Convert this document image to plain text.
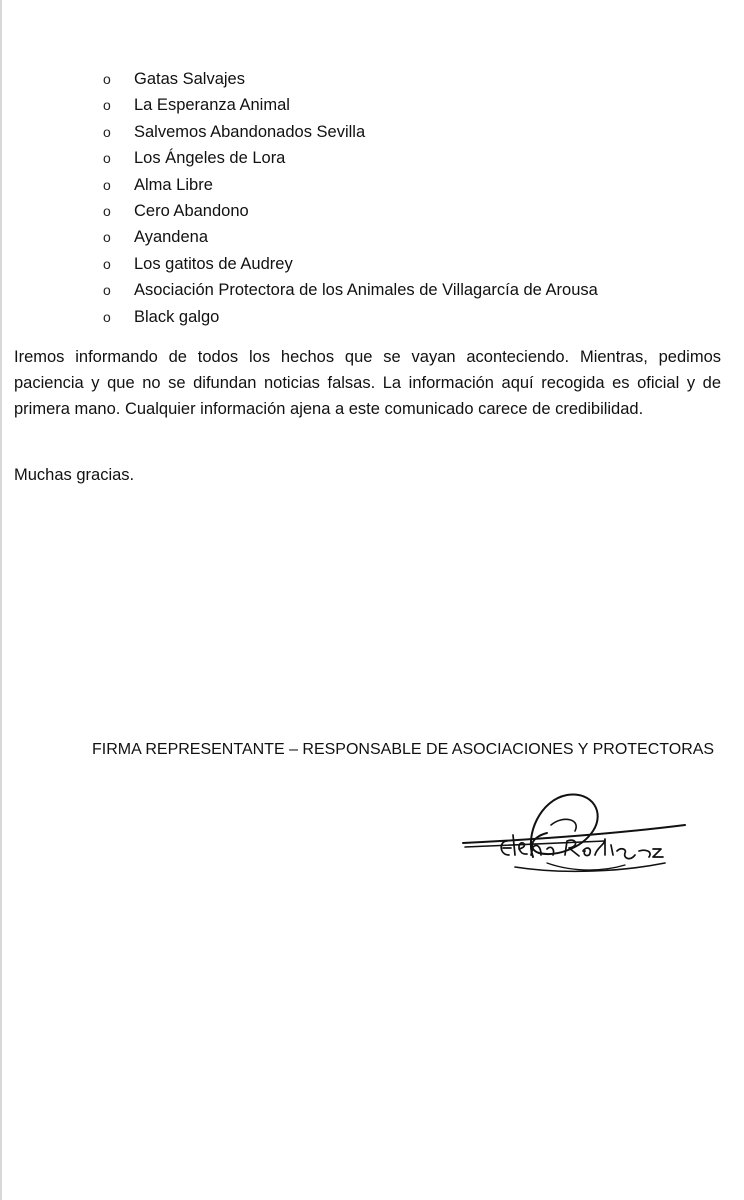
o	Gatas Salvajes
o	La Esperanza Animal
o	Salvemos Abandonados Sevilla
o	Los Ángeles de Lora
o	Alma Libre
o	Cero Abandono
o	Ayandena
o	Los gatitos de Audrey
o	Asociación Protectora de los Animales de Villagarcía de Arousa
o	Black galgo

Iremos informando de todos los hechos que se vayan aconteciendo. Mientras, pedimos paciencia y que no se difundan noticias falsas. La información aquí recogida es oficial y de primera mano. Cualquier información ajena a este comunicado carece de credibilidad.

Muchas gracias.

FIRMA REPRESENTANTE – RESPONSABLE DE ASOCIACIONES Y PROTECTORAS
